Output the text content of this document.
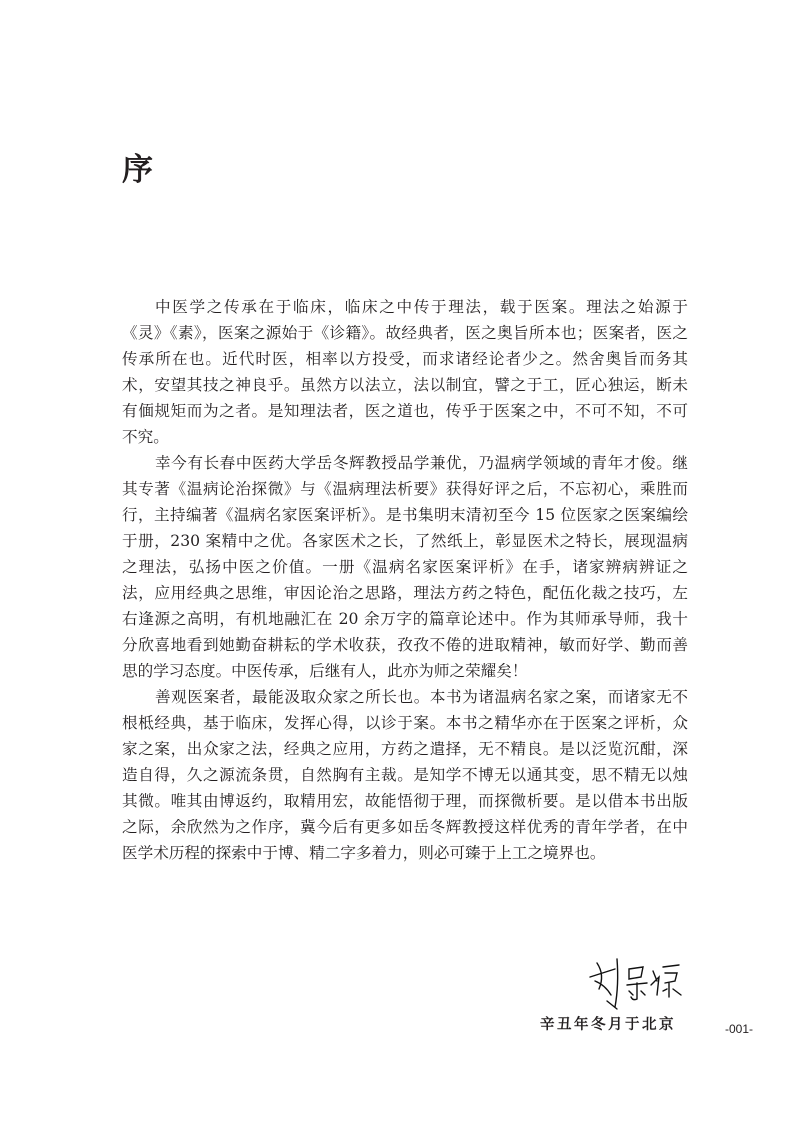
序
中医学之传承在于临床，临床之中传于理法，载于医案。理法之始源于
《灵》《素》，医案之源始于《诊籍》。故经典者，医之奥旨所本也；医案者，医之
传承所在也。近代时医，相率以方投受，而求诸经论者少之。然舍奥旨而务其
术，安望其技之神良乎。虽然方以法立，法以制宜，譬之于工，匠心独运，断未
有偭规矩而为之者。是知理法者，医之道也，传乎于医案之中，不可不知，不可
不究。
幸今有长春中医药大学岳冬辉教授品学兼优，乃温病学领域的青年才俊。继
其专著《温病论治探微》与《温病理法析要》获得好评之后，不忘初心，乘胜而
行，主持编著《温病名家医案评析》。是书集明末清初至今 15 位医家之医案编绘
于册，230 案精中之优。各家医术之长，了然纸上，彰显医术之特长，展现温病
之理法，弘扬中医之价值。一册《温病名家医案评析》在手，诸家辨病辨证之
法，应用经典之思维，审因论治之思路，理法方药之特色，配伍化裁之技巧，左
右逢源之高明，有机地融汇在 20 余万字的篇章论述中。作为其师承导师，我十
分欣喜地看到她勤奋耕耘的学术收获，孜孜不倦的进取精神，敏而好学、勤而善
思的学习态度。中医传承，后继有人，此亦为师之荣耀矣！
善观医案者，最能汲取众家之所长也。本书为诸温病名家之案，而诸家无不
根柢经典，基于临床，发挥心得，以诊于案。本书之精华亦在于医案之评析，众
家之案，出众家之法，经典之应用，方药之遣择，无不精良。是以泛览沉酣，深
造自得，久之源流条贯，自然胸有主裁。是知学不博无以通其变，思不精无以烛
其微。唯其由博返约，取精用宏，故能悟彻于理，而探微析要。是以借本书出版
之际，余欣然为之作序，冀今后有更多如岳冬辉教授这样优秀的青年学者，在中
医学术历程的探索中于博、精二字多着力，则必可臻于上工之境界也。
辛丑年冬月于北京	-001-
